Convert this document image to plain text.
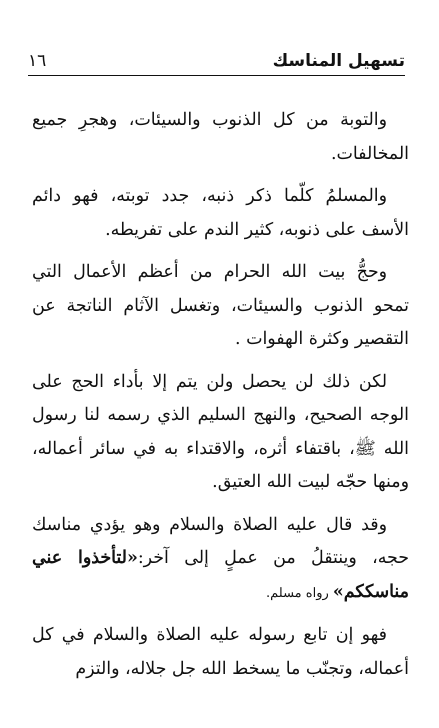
تسهيل المناسك
١٦

والتوبة من كل الذنوب والسيئات، وهجرِ جميع المخالفات.

والمسلمُ كلّما ذكر ذنبه، جدد توبته، فهو دائم الأسف على ذنوبه، كثير الندم على تفريطه.

وحجُّ بيت الله الحرام من أعظم الأعمال التي تمحو الذنوب والسيئات، وتغسل الآثام الناتجة عن التقصير وكثرة الهفوات .

لكن ذلك لن يحصل ولن يتم إلا بأداء الحج على الوجه الصحيح، والنهج السليم الذي رسمه لنا رسول الله ﷺ، باقتفاء أثره، والاقتداء به في سائر أعماله، ومنها حجّه لبيت الله العتيق.

وقد قال عليه الصلاة والسلام وهو يؤدي مناسك حجه، وينتقلُ من عملٍ إلى آخر:«لتأخذوا عني مناسككم» رواه مسلم.

فهو إن تابع رسوله عليه الصلاة والسلام في كل أعماله، وتجنّب ما يسخط الله جل جلاله، والتزم
